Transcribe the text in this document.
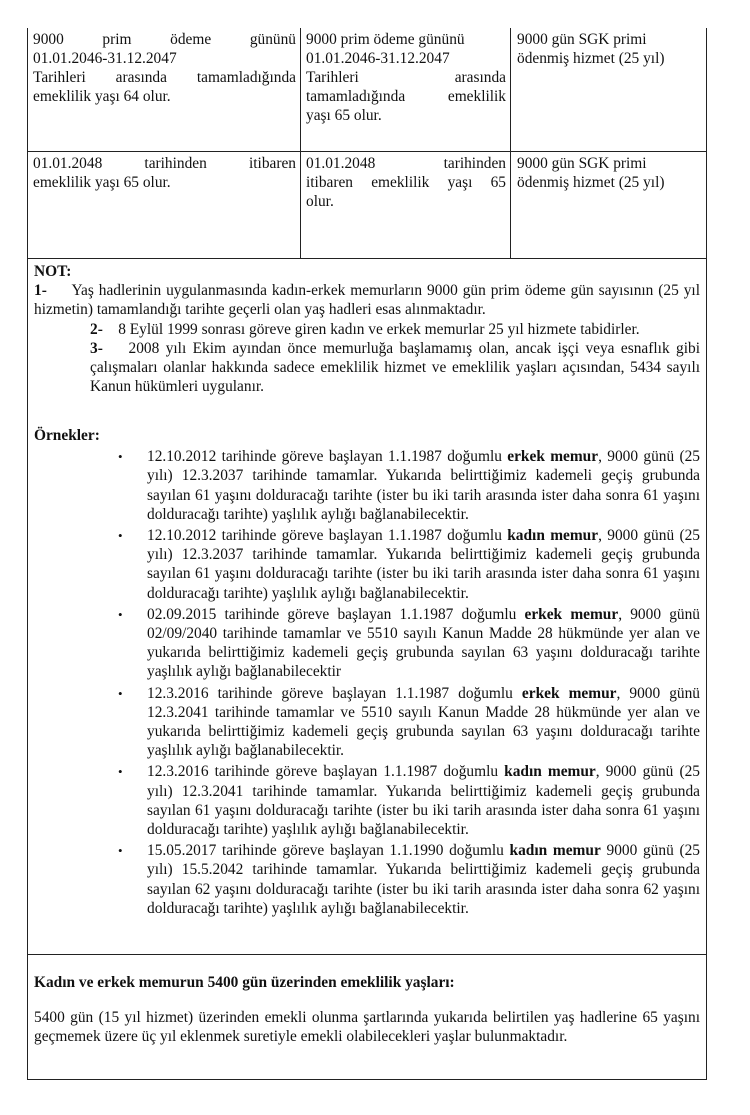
9000 prim ödeme gününü
01.01.2046-31.12.2047
Tarihleri arasında tamamladığında
emeklilik yaşı 64 olur.
9000 prim ödeme gününü
01.01.2046-31.12.2047
Tarihleri arasında
tamamladığında emeklilik
yaşı 65 olur.
9000 gün SGK primi
ödenmiş hizmet (25 yıl)
01.01.2048 tarihinden itibaren
emeklilik yaşı 65 olur.
01.01.2048 tarihinden
itibaren emeklilik yaşı 65
olur.
9000 gün SGK primi
ödenmiş hizmet (25 yıl)
NOT:
1- Yaş hadlerinin uygulanmasında kadın-erkek memurların 9000 gün prim ödeme gün sayısının (25 yıl hizmetin) tamamlandığı tarihte geçerli olan yaş hadleri esas alınmaktadır.
2- 8 Eylül 1999 sonrası göreve giren kadın ve erkek memurlar 25 yıl hizmete tabidirler.
3- 2008 yılı Ekim ayından önce memurluğa başlamamış olan, ancak işçi veya esnaflık gibi çalışmaları olanlar hakkında sadece emeklilik hizmet ve emeklilik yaşları açısından, 5434 sayılı Kanun hükümleri uygulanır.
Örnekler:
• 12.10.2012 tarihinde göreve başlayan 1.1.1987 doğumlu erkek memur, 9000 günü (25 yılı) 12.3.2037 tarihinde tamamlar. Yukarıda belirttiğimiz kademeli geçiş grubunda sayılan 61 yaşını dolduracağı tarihte (ister bu iki tarih arasında ister daha sonra 61 yaşını dolduracağı tarihte) yaşlılık aylığı bağlanabilecektir.
• 12.10.2012 tarihinde göreve başlayan 1.1.1987 doğumlu kadın memur, 9000 günü (25 yılı) 12.3.2037 tarihinde tamamlar. Yukarıda belirttiğimiz kademeli geçiş grubunda sayılan 61 yaşını dolduracağı tarihte (ister bu iki tarih arasında ister daha sonra 61 yaşını dolduracağı tarihte) yaşlılık aylığı bağlanabilecektir.
• 02.09.2015 tarihinde göreve başlayan 1.1.1987 doğumlu erkek memur, 9000 günü 02/09/2040 tarihinde tamamlar ve 5510 sayılı Kanun Madde 28 hükmünde yer alan ve yukarıda belirttiğimiz kademeli geçiş grubunda sayılan 63 yaşını dolduracağı tarihte yaşlılık aylığı bağlanabilecektir
• 12.3.2016 tarihinde göreve başlayan 1.1.1987 doğumlu erkek memur, 9000 günü 12.3.2041 tarihinde tamamlar ve 5510 sayılı Kanun Madde 28 hükmünde yer alan ve yukarıda belirttiğimiz kademeli geçiş grubunda sayılan 63 yaşını dolduracağı tarihte yaşlılık aylığı bağlanabilecektir.
• 12.3.2016 tarihinde göreve başlayan 1.1.1987 doğumlu kadın memur, 9000 günü (25 yılı) 12.3.2041 tarihinde tamamlar. Yukarıda belirttiğimiz kademeli geçiş grubunda sayılan 61 yaşını dolduracağı tarihte (ister bu iki tarih arasında ister daha sonra 61 yaşını dolduracağı tarihte) yaşlılık aylığı bağlanabilecektir.
• 15.05.2017 tarihinde göreve başlayan 1.1.1990 doğumlu kadın memur 9000 günü (25 yılı) 15.5.2042 tarihinde tamamlar. Yukarıda belirttiğimiz kademeli geçiş grubunda sayılan 62 yaşını dolduracağı tarihte (ister bu iki tarih arasında ister daha sonra 62 yaşını dolduracağı tarihte) yaşlılık aylığı bağlanabilecektir.
Kadın ve erkek memurun 5400 gün üzerinden emeklilik yaşları:
5400 gün (15 yıl hizmet) üzerinden emekli olunma şartlarında yukarıda belirtilen yaş hadlerine 65 yaşını geçmemek üzere üç yıl eklenmek suretiyle emekli olabilecekleri yaşlar bulunmaktadır.
